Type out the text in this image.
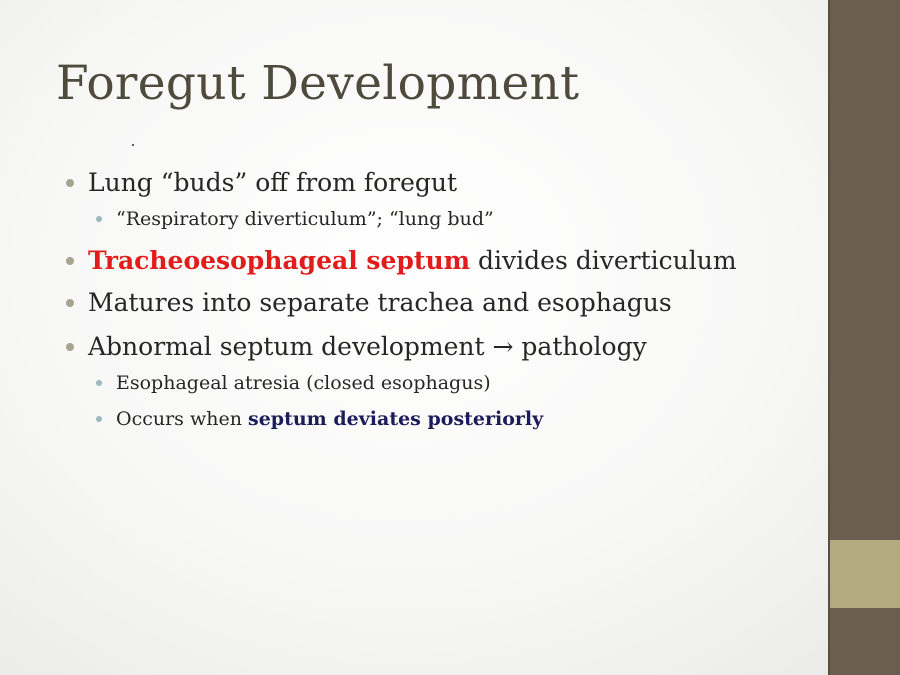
Foregut Development
Lung “buds” off from foregut
“Respiratory diverticulum”; “lung bud”
Tracheoesophageal septum divides diverticulum
Matures into separate trachea and esophagus
Abnormal septum development → pathology
Esophageal atresia (closed esophagus)
Occurs when septum deviates posteriorly
